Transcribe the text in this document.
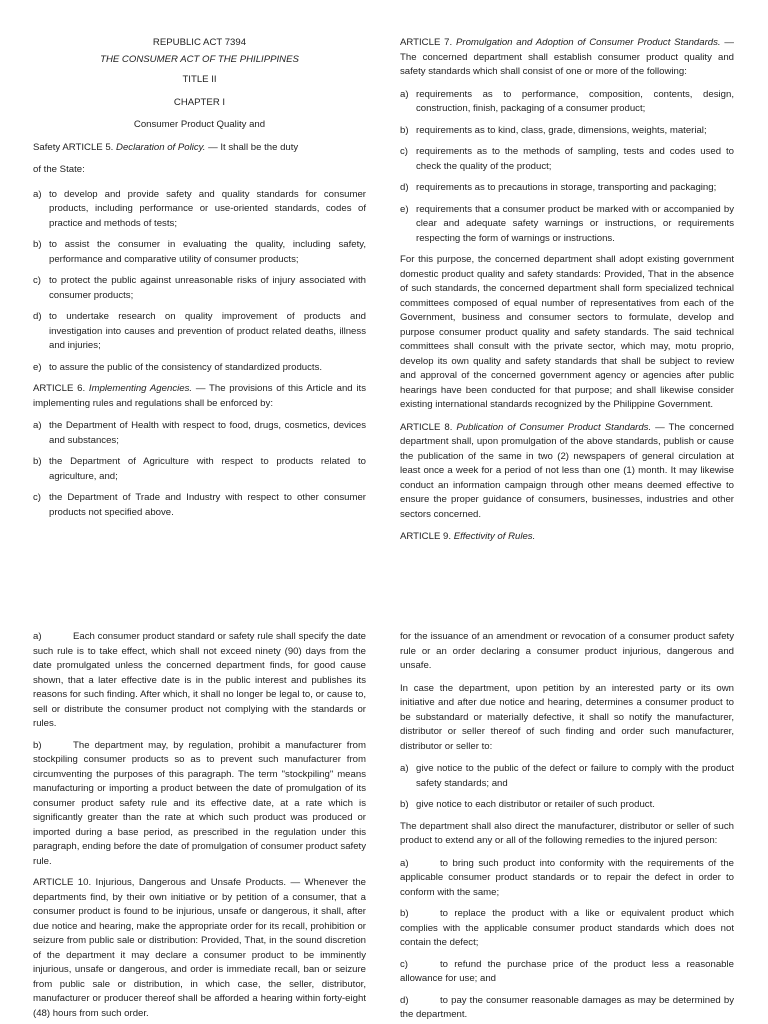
REPUBLIC ACT 7394
THE CONSUMER ACT OF THE PHILIPPINES
TITLE II
CHAPTER I
Consumer Product Quality and

Safety ARTICLE 5. Declaration of Policy. — It shall be the duty

of the State:

a) to develop and provide safety and quality standards for consumer products, including performance or use-oriented standards, codes of practice and methods of tests;
b) to assist the consumer in evaluating the quality, including safety, performance and comparative utility of consumer products;
c) to protect the public against unreasonable risks of injury associated with consumer products;
d) to undertake research on quality improvement of products and investigation into causes and prevention of product related deaths, illness and injuries;
e) to assure the public of the consistency of standardized products.

ARTICLE 6. Implementing Agencies. — The provisions of this Article and its implementing rules and regulations shall be enforced by:

a) the Department of Health with respect to food, drugs, cosmetics, devices and substances;
b) the Department of Agriculture with respect to products related to agriculture, and;
c) the Department of Trade and Industry with respect to other consumer products not specified above.

ARTICLE 7. Promulgation and Adoption of Consumer Product Standards. — The concerned department shall establish consumer product quality and safety standards which shall consist of one or more of the following:

a) requirements as to performance, composition, contents, design, construction, finish, packaging of a consumer product;
b) requirements as to kind, class, grade, dimensions, weights, material;
c) requirements as to the methods of sampling, tests and codes used to check the quality of the product;
d) requirements as to precautions in storage, transporting and packaging;
e) requirements that a consumer product be marked with or accompanied by clear and adequate safety warnings or instructions, or requirements respecting the form of warnings or instructions.

For this purpose, the concerned department shall adopt existing government domestic product quality and safety standards: Provided, That in the absence of such standards, the concerned department shall form specialized technical committees composed of equal number of representatives from each of the Government, business and consumer sectors to formulate, develop and purpose consumer product quality and safety standards. The said technical committees shall consult with the private sector, which may, motu proprio, develop its own quality and safety standards that shall be subject to review and approval of the concerned government agency or agencies after public hearings have been conducted for that purpose; and shall likewise consider existing international standards recognized by the Philippine Government.

ARTICLE 8. Publication of Consumer Product Standards. — The concerned department shall, upon promulgation of the above standards, publish or cause the publication of the same in two (2) newspapers of general circulation at least once a week for a period of not less than one (1) month. It may likewise conduct an information campaign through other means deemed effective to ensure the proper guidance of consumers, businesses, industries and other sectors concerned.

ARTICLE 9. Effectivity of Rules.

a)	Each consumer product standard or safety rule shall specify the date such rule is to take effect, which shall not exceed ninety (90) days from the date promulgated unless the concerned department finds, for good cause shown, that a later effective date is in the public interest and publishes its reasons for such finding. After which, it shall no longer be legal to, or cause to, sell or distribute the consumer product not complying with the standards or rules.

b)	The department may, by regulation, prohibit a manufacturer from stockpiling consumer products so as to prevent such manufacturer from circumventing the purposes of this paragraph. The term "stockpiling" means manufacturing or importing a product between the date of promulgation of its consumer product safety rule and its effective date, at a rate which is significantly greater than the rate at which such product was produced or imported during a base period, as prescribed in the regulation under this paragraph, ending before the date of promulgation of consumer product safety rule.

ARTICLE 10. Injurious, Dangerous and Unsafe Products. — Whenever the departments find, by their own initiative or by petition of a consumer, that a consumer product is found to be injurious, unsafe or dangerous, it shall, after due notice and hearing, make the appropriate order for its recall, prohibition or seizure from public sale or distribution: Provided, That, in the sound discretion of the department it may declare a consumer product to be imminently injurious, unsafe or dangerous, and order is immediate recall, ban or seizure from public sale or distribution, in which case, the seller, distributor, manufacturer or producer thereof shall be afforded a hearing within forty-eight (48) hours from such order.

for the issuance of an amendment or revocation of a consumer product safety rule or an order declaring a consumer product injurious, dangerous and unsafe.

In case the department, upon petition by an interested party or its own initiative and after due notice and hearing, determines a consumer product to be substandard or materially defective, it shall so notify the manufacturer, distributor or seller thereof of such finding and order such manufacturer, distributor or seller to:

a) give notice to the public of the defect or failure to comply with the product safety standards; and
b) give notice to each distributor or retailer of such product.

The department shall also direct the manufacturer, distributor or seller of such product to extend any or all of the following remedies to the injured person:

a)	to bring such product into conformity with the requirements of the applicable consumer product standards or to repair the defect in order to conform with the same;

b)	to replace the product with a like or equivalent product which complies with the applicable consumer product standards which does not contain the defect;

c)	to refund the purchase price of the product less a reasonable allowance for use; and

d)	to pay the consumer reasonable damages as may be determined by the department.
